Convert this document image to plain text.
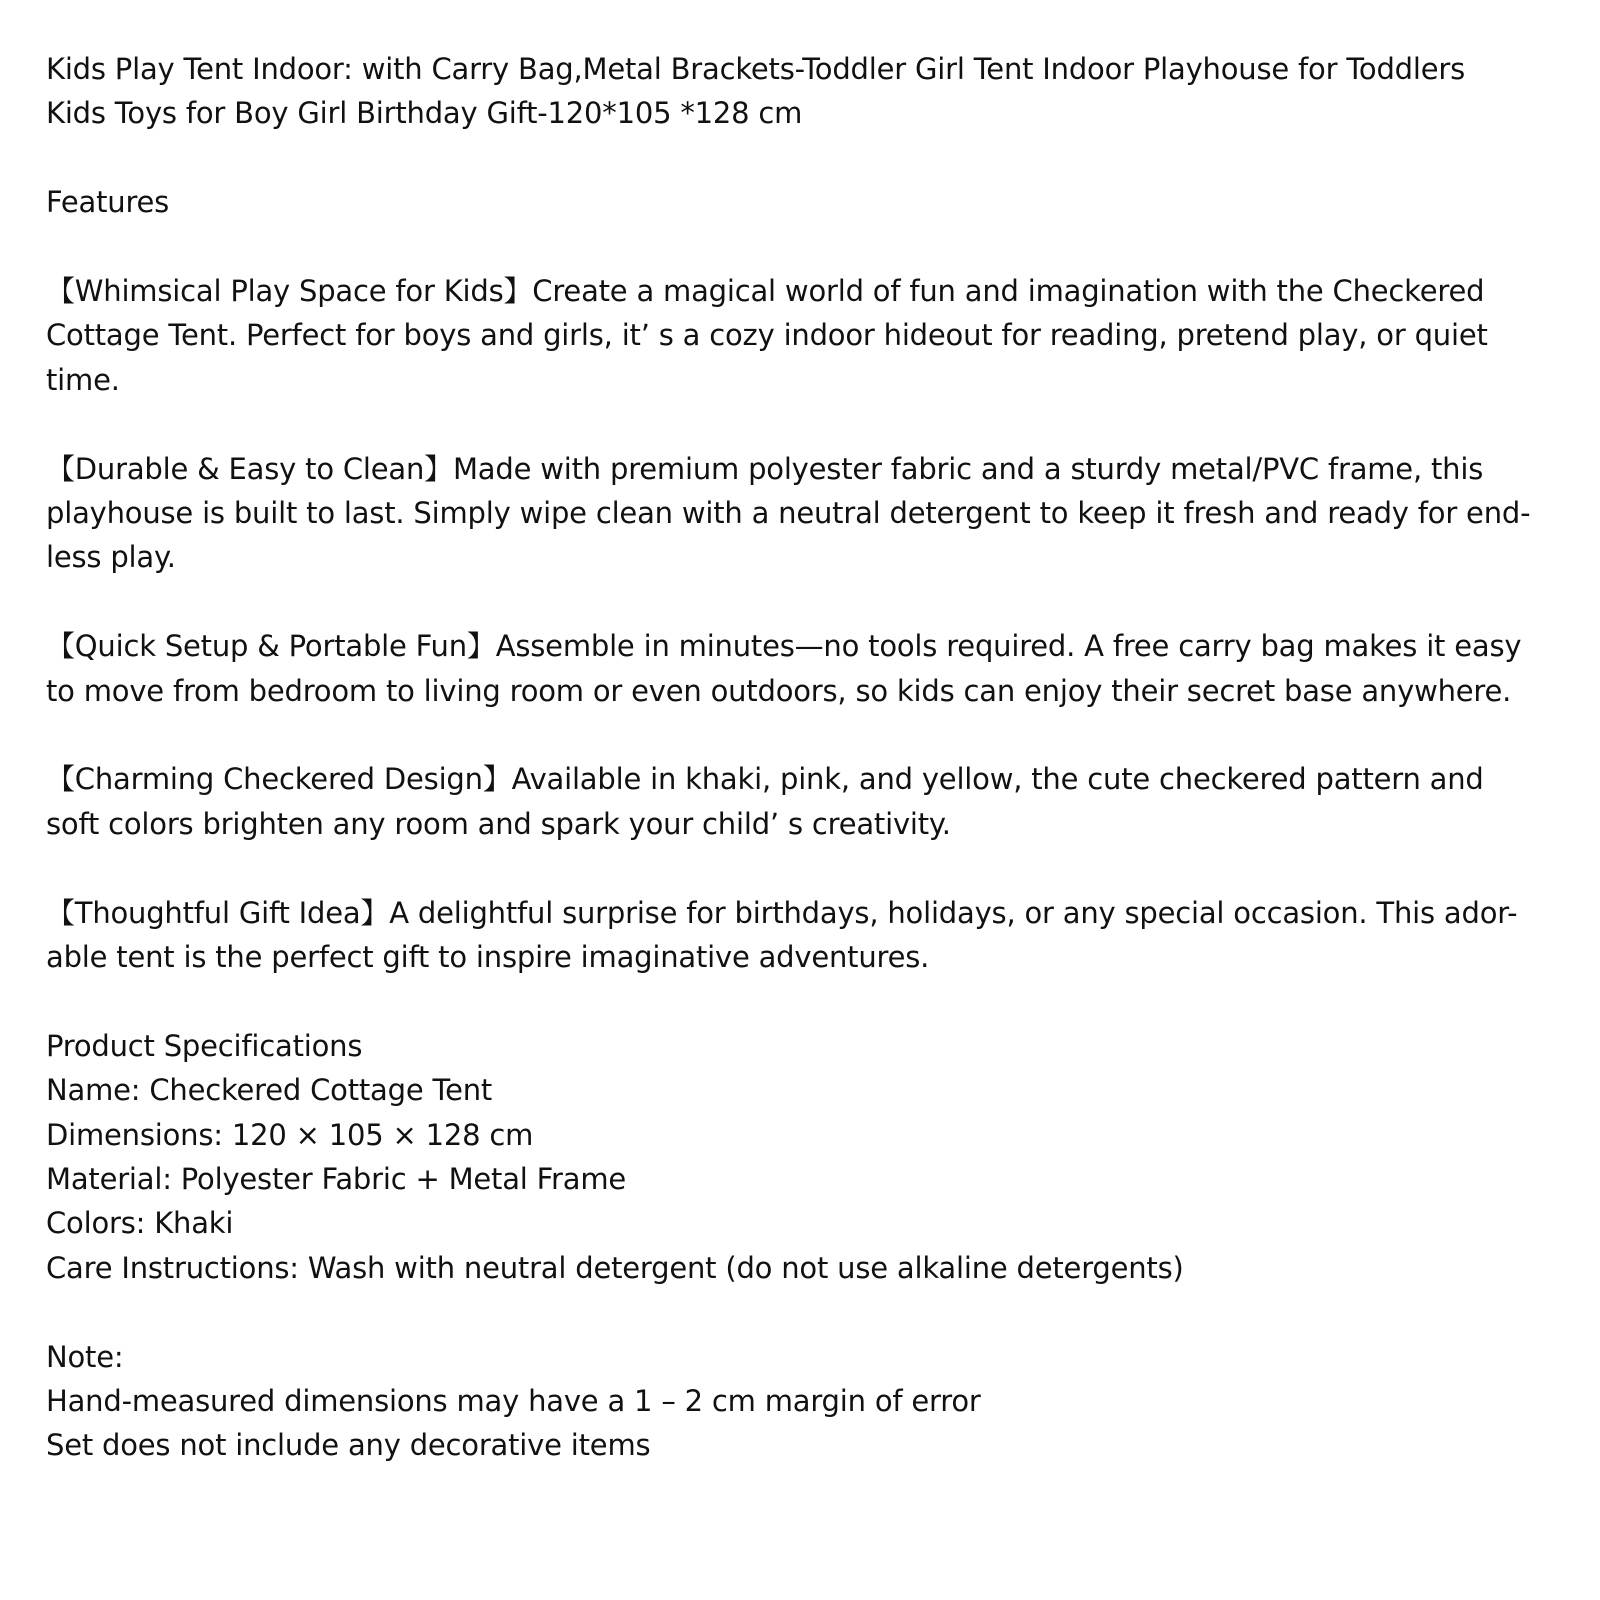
Kids Play Tent Indoor: with Carry Bag,Metal Brackets-Toddler Girl Tent Indoor Playhouse for Toddlers
Kids Toys for Boy Girl Birthday Gift-120*105 *128 cm
Features
【Whimsical Play Space for Kids】Create a magical world of fun and imagination with the Checkered
Cottage Tent. Perfect for boys and girls, it’ s a cozy indoor hideout for reading, pretend play, or quiet
time.
【Durable & Easy to Clean】Made with premium polyester fabric and a sturdy metal/PVC frame, this
playhouse is built to last. Simply wipe clean with a neutral detergent to keep it fresh and ready for end-
less play.
【Quick Setup & Portable Fun】Assemble in minutes—no tools required. A free carry bag makes it easy
to move from bedroom to living room or even outdoors, so kids can enjoy their secret base anywhere.
【Charming Checkered Design】Available in khaki, pink, and yellow, the cute checkered pattern and
soft colors brighten any room and spark your child’ s creativity.
【Thoughtful Gift Idea】A delightful surprise for birthdays, holidays, or any special occasion. This ador-
able tent is the perfect gift to inspire imaginative adventures.
Product Specifications
Name: Checkered Cottage Tent
Dimensions: 120 × 105 × 128 cm
Material: Polyester Fabric + Metal Frame
Colors: Khaki
Care Instructions: Wash with neutral detergent (do not use alkaline detergents)
Note:
Hand-measured dimensions may have a 1 – 2 cm margin of error
Set does not include any decorative items
